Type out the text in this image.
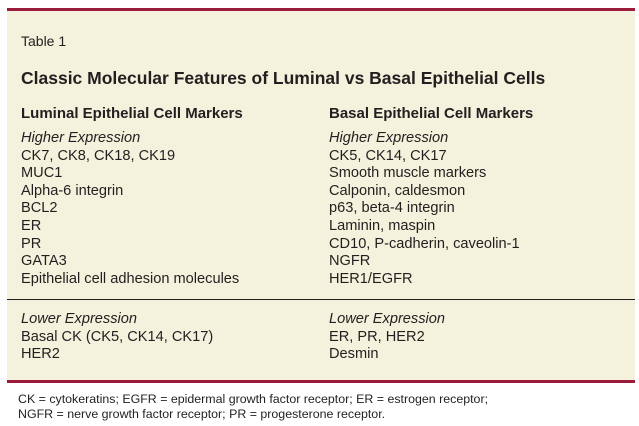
Table 1
Classic Molecular Features of Luminal vs Basal Epithelial Cells
Luminal Epithelial Cell Markers
Higher Expression
CK7, CK8, CK18, CK19
MUC1
Alpha-6 integrin
BCL2
ER
PR
GATA3
Epithelial cell adhesion molecules
Lower Expression
Basal CK (CK5, CK14, CK17)
HER2
Basal Epithelial Cell Markers
Higher Expression
CK5, CK14, CK17
Smooth muscle markers
Calponin, caldesmon
p63, beta-4 integrin
Laminin, maspin
CD10, P-cadherin, caveolin-1
NGFR
HER1/EGFR
Lower Expression
ER, PR, HER2
Desmin
CK = cytokeratins; EGFR = epidermal growth factor receptor; ER = estrogen receptor;
NGFR = nerve growth factor receptor; PR = progesterone receptor.
